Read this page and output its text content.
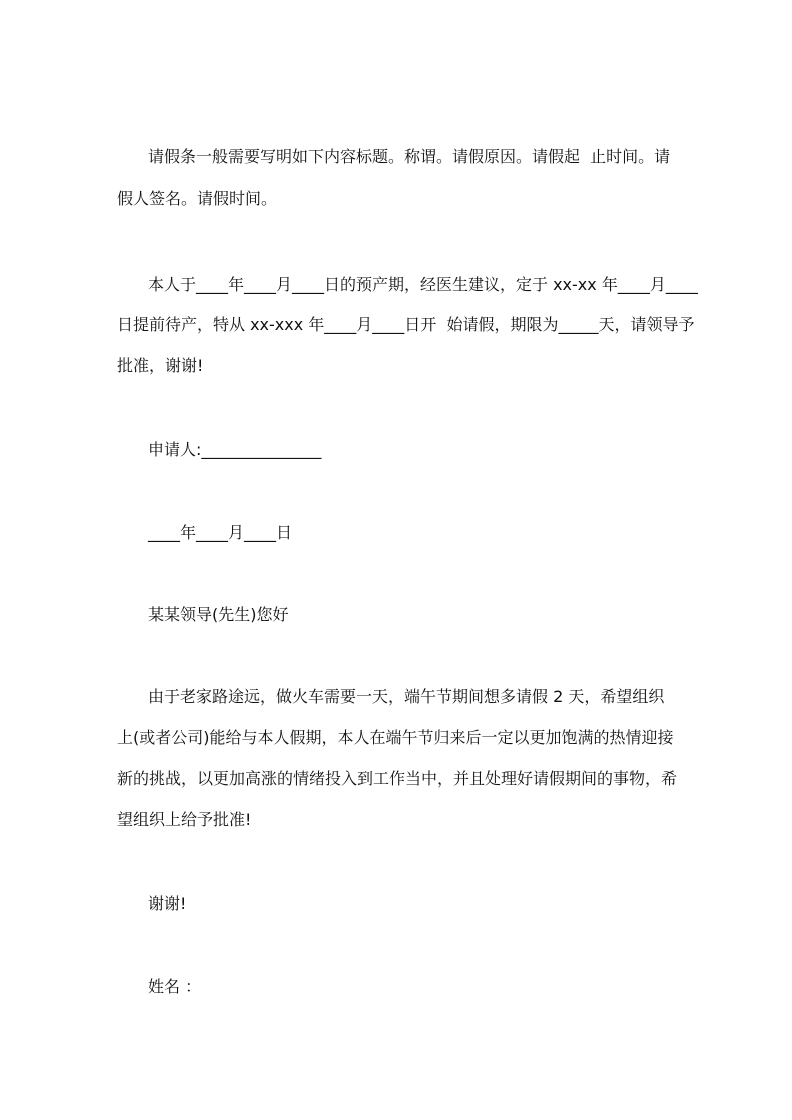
请假条一般需要写明如下内容标题。称谓。请假原因。请假起  止时间。请
假人签名。请假时间。
本人于____年____月____日的预产期，经医生建议，定于 xx-xx 年____月____
日提前待产，特从 xx-xxx 年____月____日开  始请假，期限为_____天，请领导予
批准，谢谢!
申请人:_______________
____年____月____日
某某领导(先生)您好
由于老家路途远，做火车需要一天，端午节期间想多请假 2 天，希望组织
上(或者公司)能给与本人假期，本人在端午节归来后一定以更加饱满的热情迎接
新的挑战，以更加高涨的情绪投入到工作当中，并且处理好请假期间的事物，希
望组织上给予批准!
谢谢!
姓名 ：
